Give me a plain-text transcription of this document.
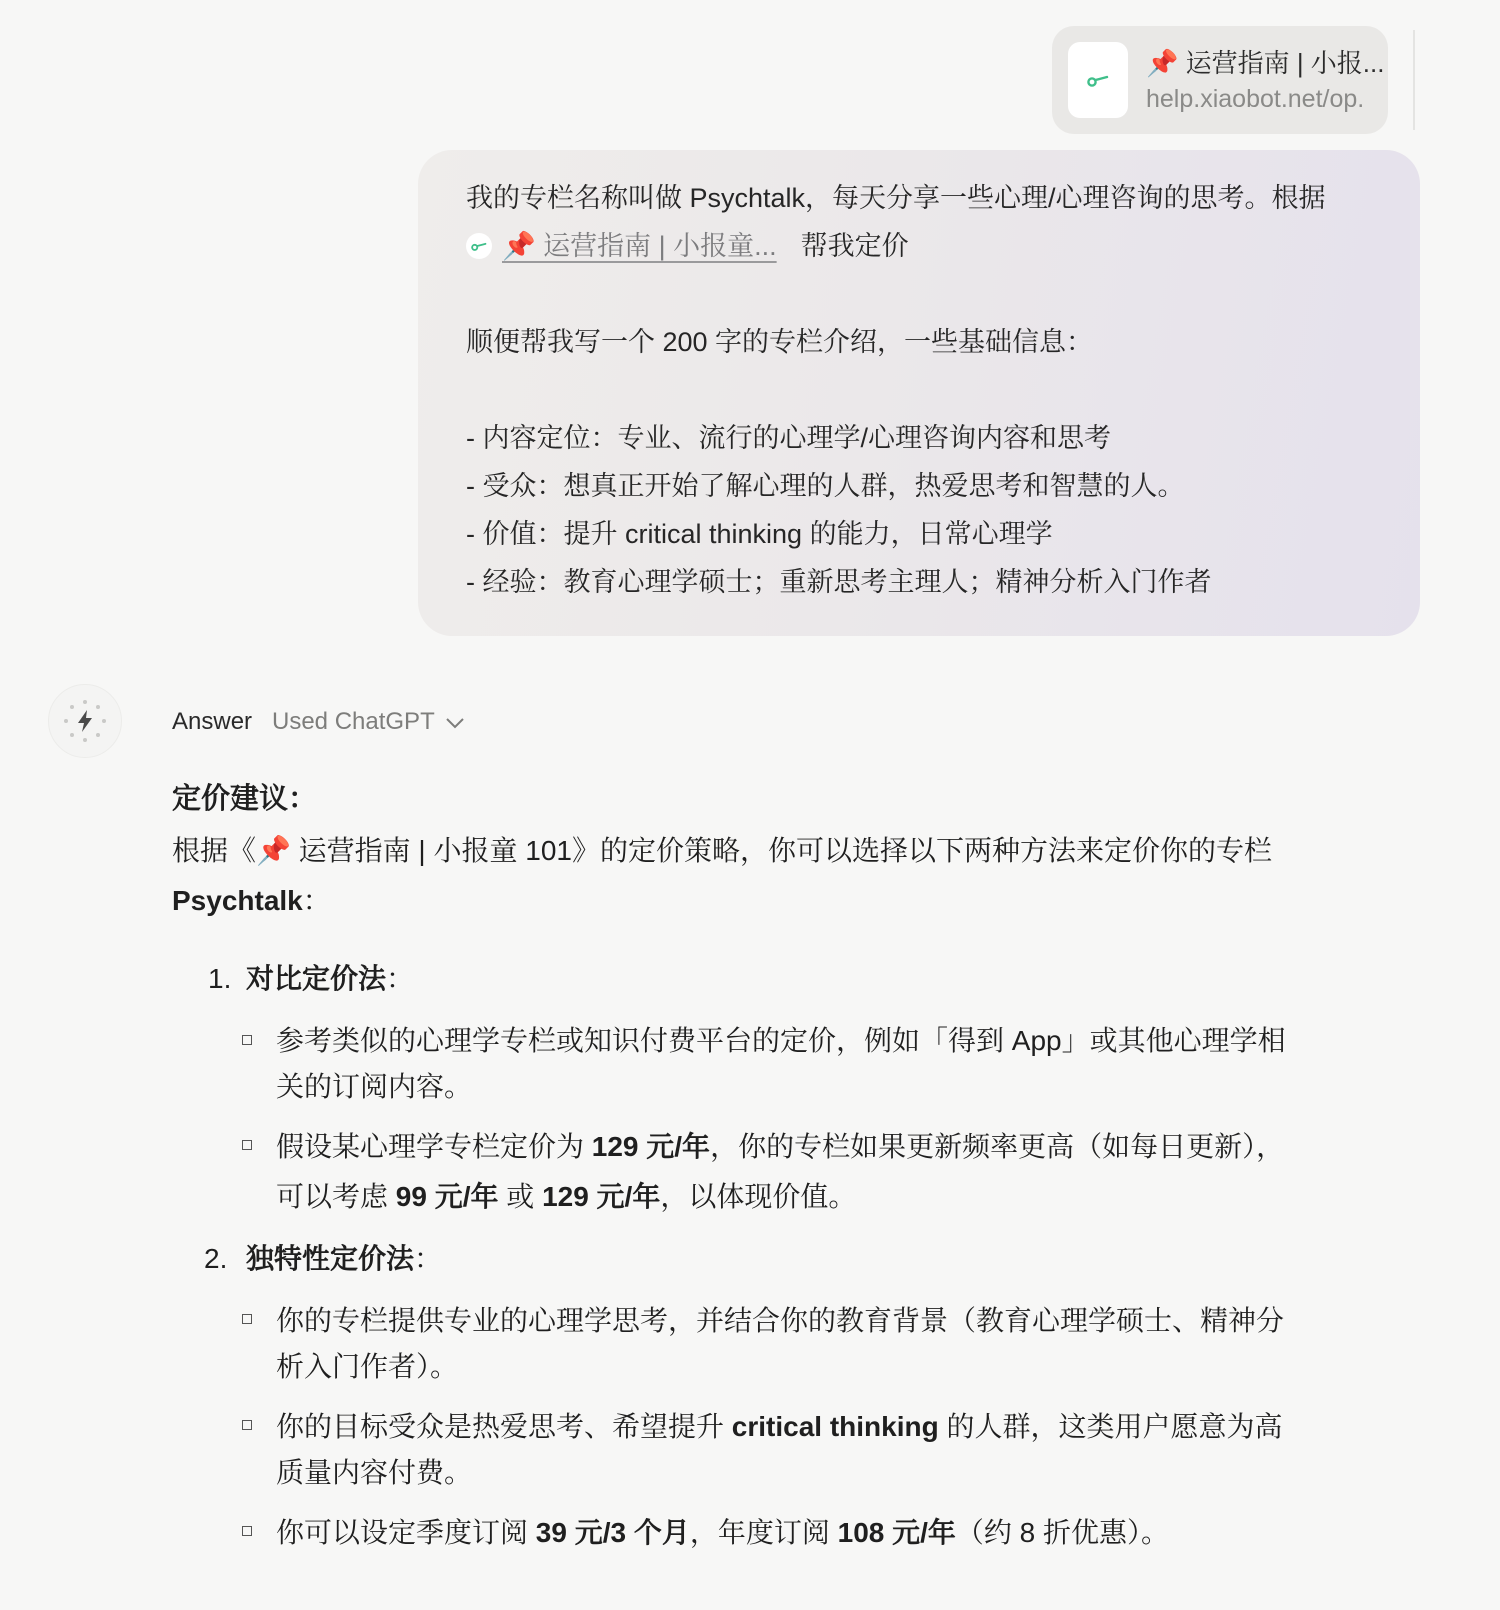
📌 运营指南 | 小报...
help.xiaobot.net/op.
我的专栏名称叫做 Psychtalk，每天分享一些心理/心理咨询的思考。根据
📌 运营指南 | 小报童... 帮我定价
顺便帮我写一个 200 字的专栏介绍，一些基础信息：
- 内容定位：专业、流行的心理学/心理咨询内容和思考
- 受众：想真正开始了解心理的人群，热爱思考和智慧的人。
- 价值：提升 critical thinking 的能力，日常心理学
- 经验：教育心理学硕士；重新思考主理人；精神分析入门作者
Answer Used ChatGPT
定价建议：
根据《📌 运营指南 | 小报童 101》的定价策略，你可以选择以下两种方法来定价你的专栏
Psychtalk：
1. 对比定价法：
参考类似的心理学专栏或知识付费平台的定价，例如「得到 App」或其他心理学相
关的订阅内容。
假设某心理学专栏定价为 129 元/年，你的专栏如果更新频率更高（如每日更新），
可以考虑 99 元/年 或 129 元/年，以体现价值。
2. 独特性定价法：
你的专栏提供专业的心理学思考，并结合你的教育背景（教育心理学硕士、精神分
析入门作者）。
你的目标受众是热爱思考、希望提升 critical thinking 的人群，这类用户愿意为高
质量内容付费。
你可以设定季度订阅 39 元/3 个月，年度订阅 108 元/年（约 8 折优惠）。
